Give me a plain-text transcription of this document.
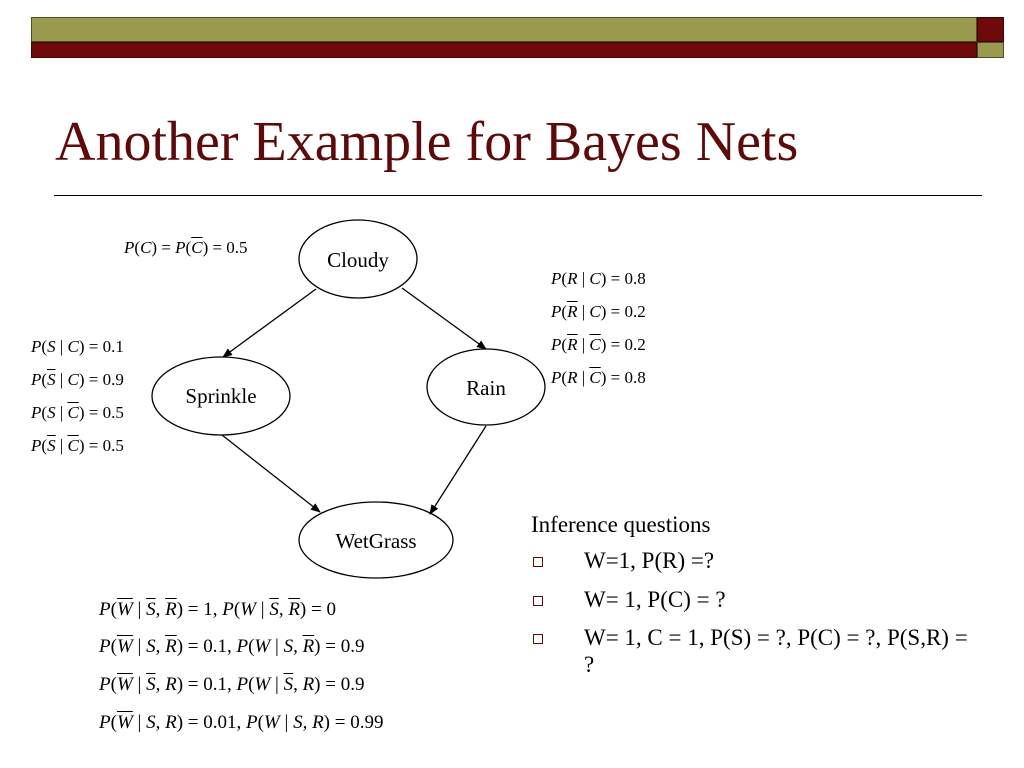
Another Example for Bayes Nets
Cloudy
Sprinkle	Rain
WetGrass
$P(C) = P(\overline{C}) = 0.5$
P(R | C) = 0.8
$P(\overline{R}$ | C) = 0.2
$P(\overline{R}$ | $\overline{C}) = 0.2$
P(R | $\overline{C}) = 0.8$
P(S | C) = 0.1
$P(\overline{S}$ | C) = 0.9
P(S | $\overline{C}) = 0.5$
$P(\overline{S}$ | $\overline{C}) = 0.5$
$P(\overline{W}$ | $\overline{S}$, $\overline{R}) = 1$, P(W | $\overline{S}$, $\overline{R}) = 0$
$P(\overline{W}$ | S, $\overline{R}) = 0.1$, P(W | S, $\overline{R}) = 0.9$
$P(\overline{W}$ | $\overline{S}$, R) = 0.1, P(W | $\overline{S}$, R) = 0.9
$P(\overline{W}$ | S, R) = 0.01, P(W | S, R) = 0.99
Inference questions
W=1, P(R) =?
W= 1, P(C) = ?
W= 1, C = 1, P(S) = ?, P(C) = ?, P(S,R) = ?
